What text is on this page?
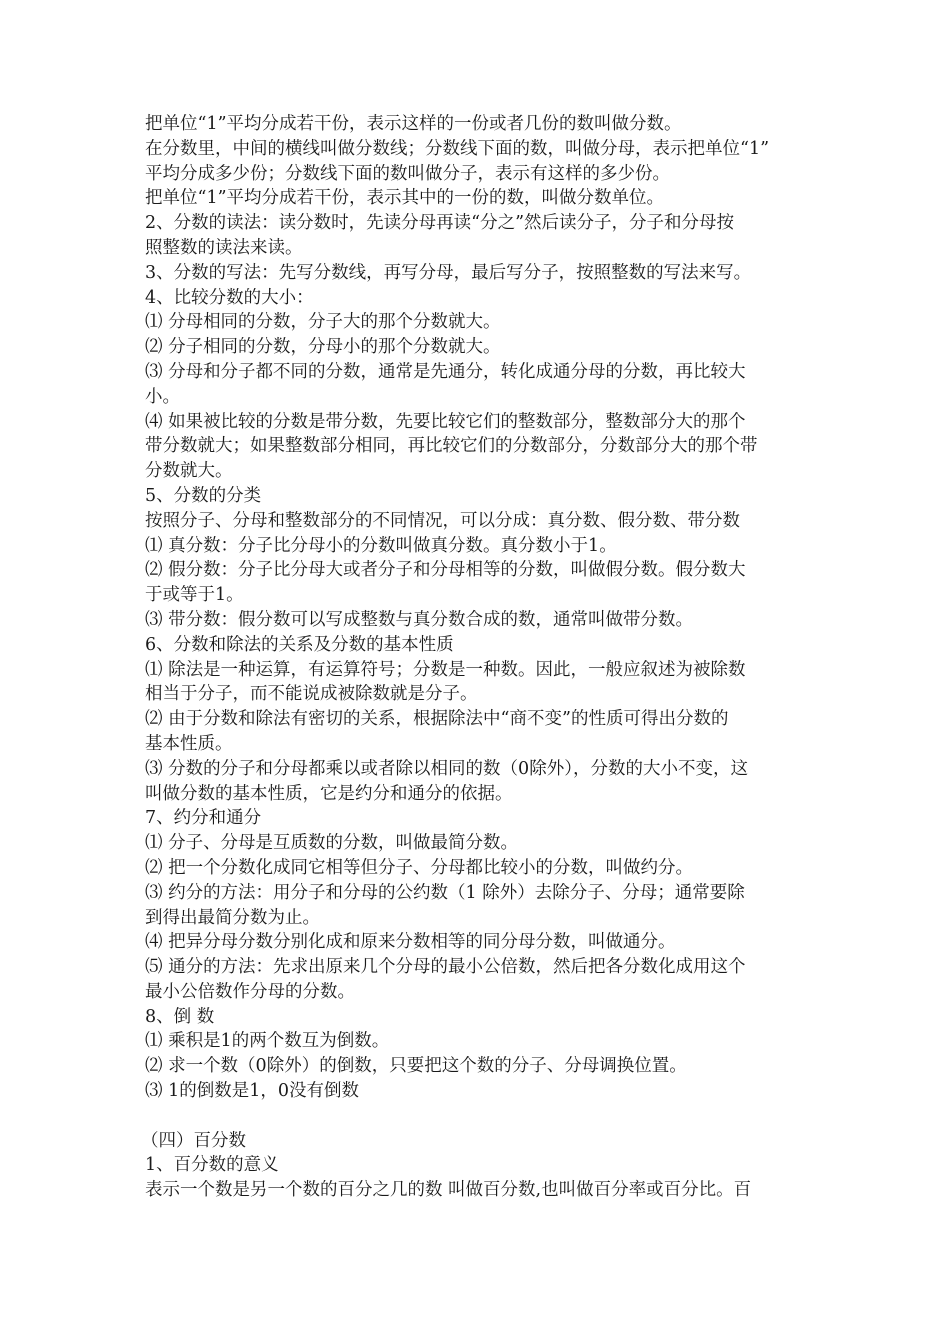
把单位“1”平均分成若干份，表示这样的一份或者几份的数叫做分数。
在分数里，中间的横线叫做分数线；分数线下面的数，叫做分母，表示把单位“1”
平均分成多少份；分数线下面的数叫做分子，表示有这样的多少份。
把单位“1”平均分成若干份，表示其中的一份的数，叫做分数单位。
2、分数的读法：读分数时，先读分母再读“分之”然后读分子，分子和分母按
照整数的读法来读。
3、分数的写法：先写分数线，再写分母，最后写分子，按照整数的写法来写。
4、比较分数的大小：
⑴ 分母相同的分数，分子大的那个分数就大。
⑵ 分子相同的分数，分母小的那个分数就大。
⑶ 分母和分子都不同的分数，通常是先通分，转化成通分母的分数，再比较大
小。
⑷ 如果被比较的分数是带分数，先要比较它们的整数部分，整数部分大的那个
带分数就大；如果整数部分相同，再比较它们的分数部分，分数部分大的那个带
分数就大。
5、分数的分类
按照分子、分母和整数部分的不同情况，可以分成：真分数、假分数、带分数
⑴ 真分数：分子比分母小的分数叫做真分数。真分数小于1。
⑵ 假分数：分子比分母大或者分子和分母相等的分数，叫做假分数。假分数大
于或等于1。
⑶ 带分数：假分数可以写成整数与真分数合成的数，通常叫做带分数。
6、分数和除法的关系及分数的基本性质
⑴ 除法是一种运算，有运算符号；分数是一种数。因此，一般应叙述为被除数
相当于分子，而不能说成被除数就是分子。
⑵ 由于分数和除法有密切的关系，根据除法中“商不变”的性质可得出分数的
基本性质。
⑶ 分数的分子和分母都乘以或者除以相同的数（0除外），分数的大小不变，这
叫做分数的基本性质，它是约分和通分的依据。
7、约分和通分
⑴ 分子、分母是互质数的分数，叫做最简分数。
⑵ 把一个分数化成同它相等但分子、分母都比较小的分数，叫做约分。
⑶ 约分的方法：用分子和分母的公约数（1 除外）去除分子、分母；通常要除
到得出最简分数为止。
⑷ 把异分母分数分别化成和原来分数相等的同分母分数，叫做通分。
⑸ 通分的方法：先求出原来几个分母的最小公倍数，然后把各分数化成用这个
最小公倍数作分母的分数。
8、倒 数
⑴ 乘积是1的两个数互为倒数。
⑵ 求一个数（0除外）的倒数，只要把这个数的分子、分母调换位置。
⑶ 1的倒数是1，0没有倒数
（四）百分数
1、百分数的意义
表示一个数是另一个数的百分之几的数 叫做百分数,也叫做百分率或百分比。百
